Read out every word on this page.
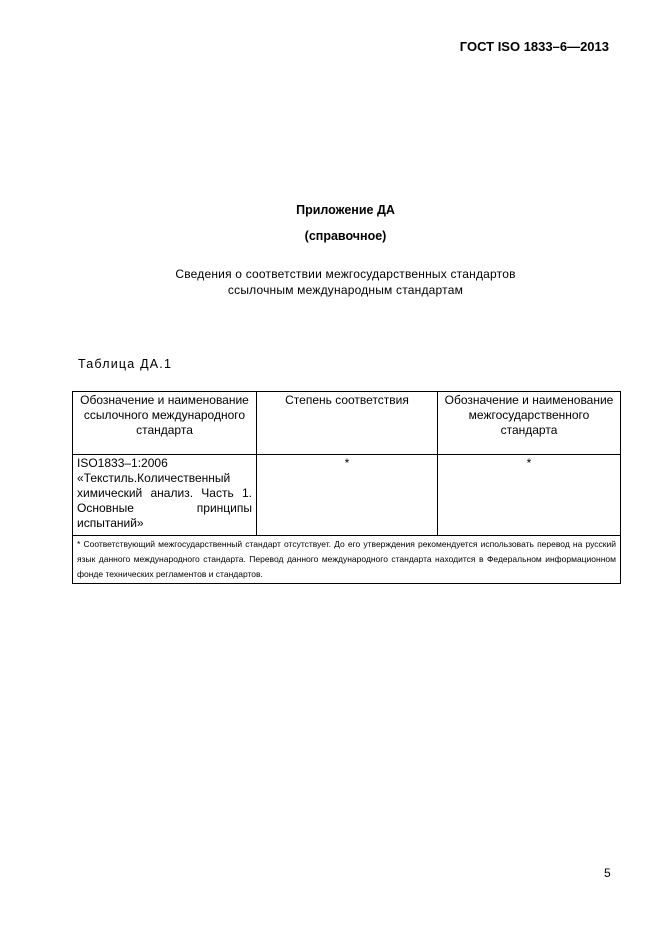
ГОСТ ISO 1833–6—2013
Приложение ДА
(справочное)
Сведения о соответствии межгосударственных стандартов
ссылочным международным стандартам
Таблица ДА.1
Обозначение и наименование ссылочного международного стандарта	Степень соответствия	Обозначение и наименование межгосударственного стандарта
ISO1833–1:2006 «Текстиль.Количественный химический анализ. Часть 1. Основные принципы испытаний»	*	*
* Соответствующий межгосударственный стандарт отсутствует. До его утверждения рекомендуется использовать перевод на русский язык данного международного стандарта. Перевод данного международного стандарта находится в Федеральном информационном фонде технических регламентов и стандартов.		
5
